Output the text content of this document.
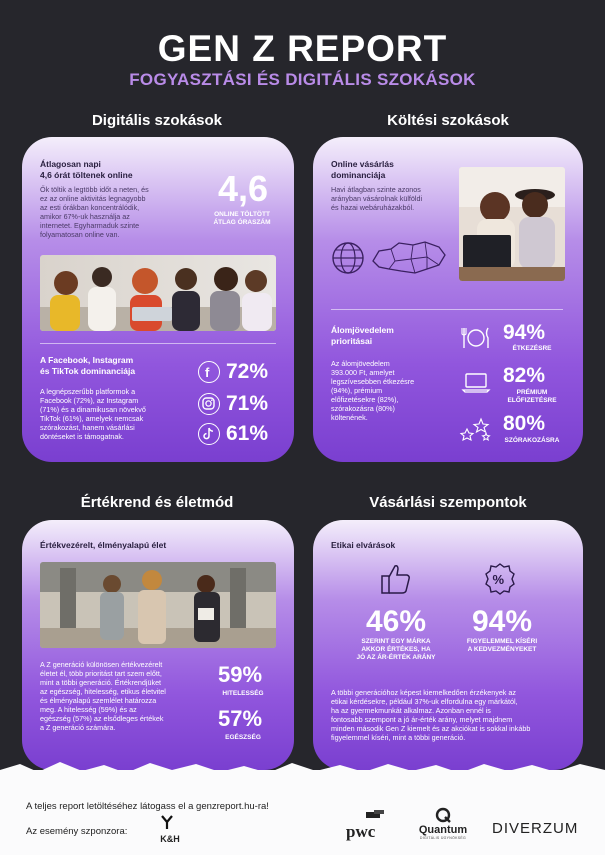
GEN Z REPORT
FOGYASZTÁSI ÉS DIGITÁLIS SZOKÁSOK
Digitális szokások	Költési szokások
Értékrend és életmód	Vásárlási szempontok
Átlagosan napi
4,6 órát töltenek online
Ők töltik a legtöbb időt a neten, és
ez az online aktivitás legnagyobb
az esti órákban koncentrálódik,
amikor 67%-uk használja az
internetet. Egyharmaduk szinte
folyamatosan online van.
4,6
ONLINE TÖLTÖTT
ÁTLAG ÓRASZÁM
A Facebook, Instagram
és TikTok dominanciája
A legnépszerűbb platformok a
Facebook (72%), az Instagram
(71%) és a dinamikusan növekvő
TikTok (61%), amelyek nemcsak
szórakozást, hanem vásárlási
döntéseket is támogatnak.
f 72%
71%
61%
Online vásárlás
dominanciája
Havi átlagban szinte azonos
arányban vásárolnak külföldi
és hazai webáruházakból.
Álomjövedelem
prioritásai
Az álomjövedelem
393.000 Ft, amelyet
legszívesebben étkezésre
(94%), prémium
előfizetésekre (82%),
szórakozásra (80%)
költenének.
94%
ÉTKEZÉSRE
82%
PRÉMIUM
ELŐFIZETÉSRE
80%
SZÓRAKOZÁSRA
Értékvezérelt, élményalapú élet
A Z generáció különösen értékvezérelt
életet él, több prioritást tart szem előtt,
mint a többi generáció. Értékrendjüket
az egészség, hitelesség, etikus életvitel
és élményalapú szemlélet határozza
meg. A hitelesség (59%) és az
egészség (57%) az elsődleges értékek
a Z generáció számára.
59%
HITELESSÉG
57%
EGÉSZSÉG
Etikai elvárások
%
46%
SZERINT EGY MÁRKA
AKKOR ÉRTÉKES, HA
JÓ AZ ÁR-ÉRTÉK ARÁNY
94%
FIGYELEMMEL KÍSÉRI
A KEDVEZMÉNYEKET
A többi generációhoz képest kiemelkedően érzékenyek az
etikai kérdésekre, például 37%-uk elfordulna egy márkától,
ha az gyermekmunkát alkalmaz. Azonban ennél is
fontosabb szempont a jó ár-érték arány, melyet majdnem
minden második Gen Z kiemelt és az akciókat is sokkal inkább
figyelemmel kíséri, mint a többi generáció.
A teljes report letöltéséhez látogass el a genzreport.hu-ra!
Az esemény szponzora:
K&H	pwc	Quantum
DIGITÁLIS ÜGYNÖKSÉG
DIVERZUM
